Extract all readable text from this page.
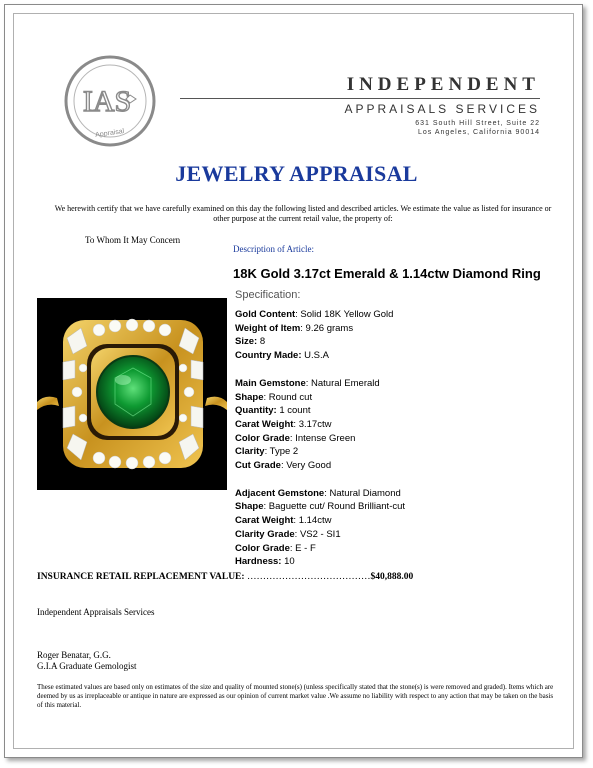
IAS
Appraisal
INDEPENDENT
APPRAISALS SERVICES
631 South Hill Street, Suite 22
Los Angeles, California 90014
JEWELRY APPRAISAL
We herewith certify that we have carefully examined on this day the following listed and described articles. We estimate the value as listed for insurance or other purpose at the current retail value, the property of:
To Whom It May Concern
Description of Article:
18K Gold 3.17ct Emerald & 1.14ctw Diamond Ring
Specification:
Gold Content: Solid 18K Yellow Gold
Weight of Item: 9.26 grams
Size: 8
Country Made: U.S.A
Main Gemstone: Natural Emerald
Shape: Round cut
Quantity: 1 count
Carat Weight: 3.17ctw
Color Grade: Intense Green
Clarity: Type 2
Cut Grade: Very Good
Adjacent Gemstone: Natural Diamond
Shape: Baguette cut/ Round Brilliant-cut
Carat Weight: 1.14ctw
Clarity Grade: VS2 - SI1
Color Grade: E - F
Hardness: 10
INSURANCE RETAIL REPLACEMENT VALUE: …………………………………$40,888.00
Independent Appraisals Services
Roger Benatar, G.G.
G.I.A Graduate Gemologist
These estimated values are based only on estimates of the size and quality of mounted stone(s) (unless specifically stated that the stone(s) is were removed and graded). Items which are deemed by us as irreplaceable or antique in nature are expressed as our opinion of current market value .We assume no liability with respect to any action that may be taken on the basis of this material.
